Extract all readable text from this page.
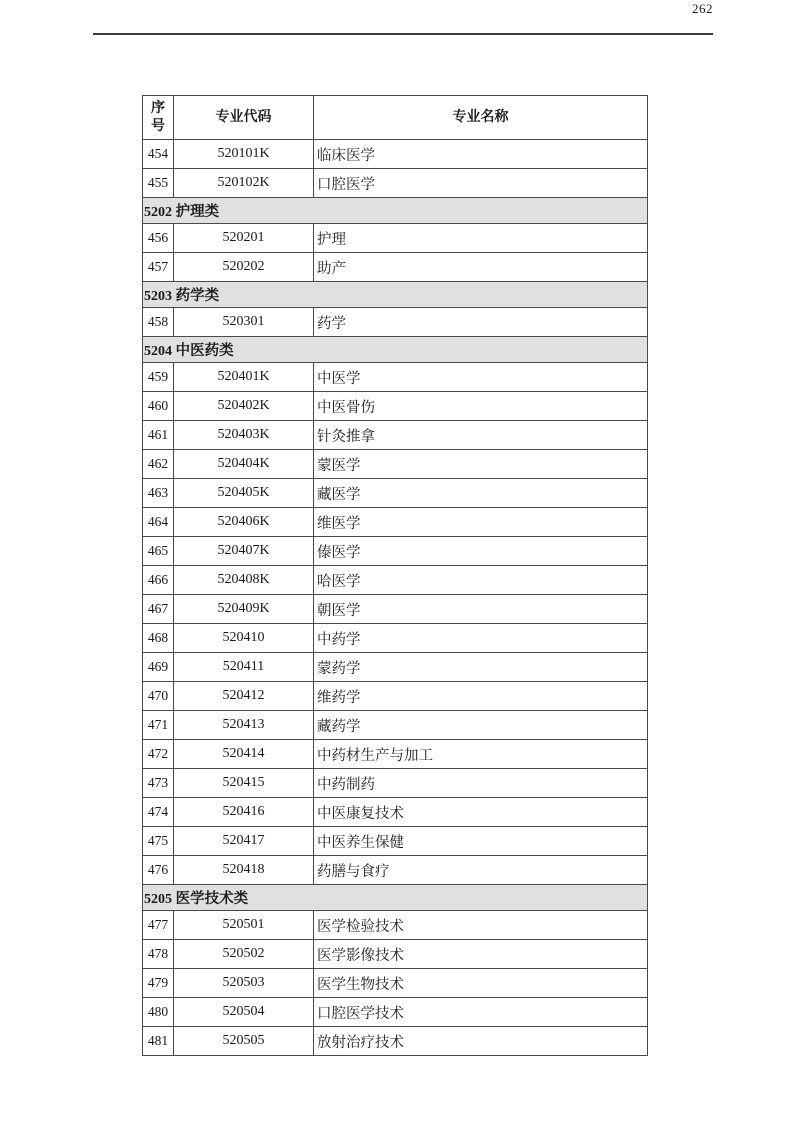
262
序
号	专业代码	专业名称
454	520101K	临床医学
455	520102K	口腔医学
5202 护理类		
456	520201	护理
457	520202	助产
5203 药学类		
458	520301	药学
5204 中医药类		
459	520401K	中医学
460	520402K	中医骨伤
461	520403K	针灸推拿
462	520404K	蒙医学
463	520405K	藏医学
464	520406K	维医学
465	520407K	傣医学
466	520408K	哈医学
467	520409K	朝医学
468	520410	中药学
469	520411	蒙药学
470	520412	维药学
471	520413	藏药学
472	520414	中药材生产与加工
473	520415	中药制药
474	520416	中医康复技术
475	520417	中医养生保健
476	520418	药膳与食疗
5205 医学技术类		
477	520501	医学检验技术
478	520502	医学影像技术
479	520503	医学生物技术
480	520504	口腔医学技术
481	520505	放射治疗技术
